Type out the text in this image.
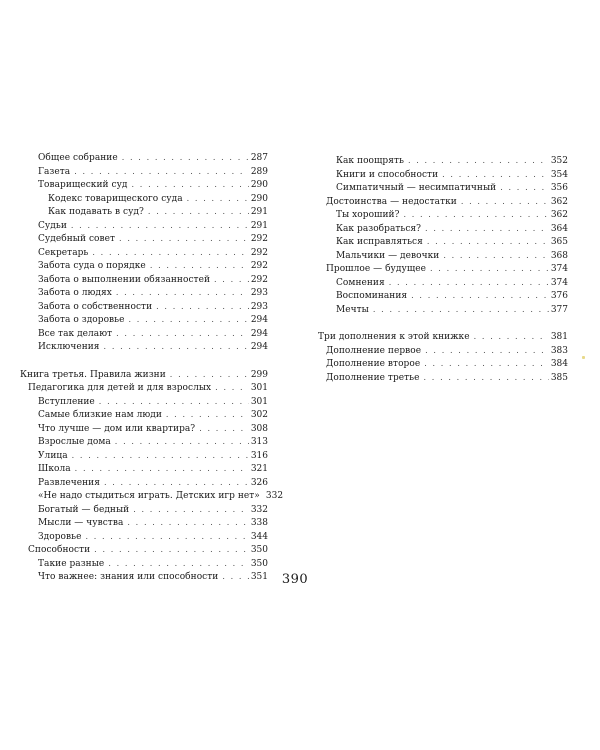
Общее собрание . . .	287
Газета . . .	289
Товарищеский суд . . .	290
Кодекс товарищеского суда . . .	290
Как подавать в суд? . . .	291
Судьи . . .	291
Судебный совет . . .	292
Секретарь . . .	292
Забота суда о порядке . . .	292
Забота о выполнении обязанностей . . .	292
Забота о людях . . .	293
Забота о собственности . . .	293
Забота о здоровье . . .	294
Все так делают . . .	294
Исключения . . .	294
Книга третья. Правила жизни . . .	299
Педагогика для детей и для взрослых . . .	301
Вступление . . .	301
Самые близкие нам люди . . .	302
Что лучше — дом или квартира? . . .	308
Взрослые дома . . .	313
Улица . . .	316
Школа . . .	321
Развлечения . . .	326
«Не надо стыдиться играть. Детских игр нет» 332
Богатый — бедный . . .	332
Мысли — чувства . . .	338
Здоровье . . .	344
Способности . . .	350
Такие разные . . .	350
Что важнее: знания или способности . . .	351
Как поощрять . . .	352
Книги и способности . . .	354
Симпатичный — несимпатичный . . .	356
Достоинства — недостатки . . .	362
Ты хороший? . . .	362
Как разобраться? . . .	364
Как исправляться . . .	365
Мальчики — девочки . . .	368
Прошлое — будущее . . .	374
Сомнения . . .	374
Воспоминания . . .	376
Мечты . . .	377
Три дополнения к этой книжке . . .	381
Дополнение первое . . .	383
Дополнение второе . . .	384
Дополнение третье . . .	385
390
